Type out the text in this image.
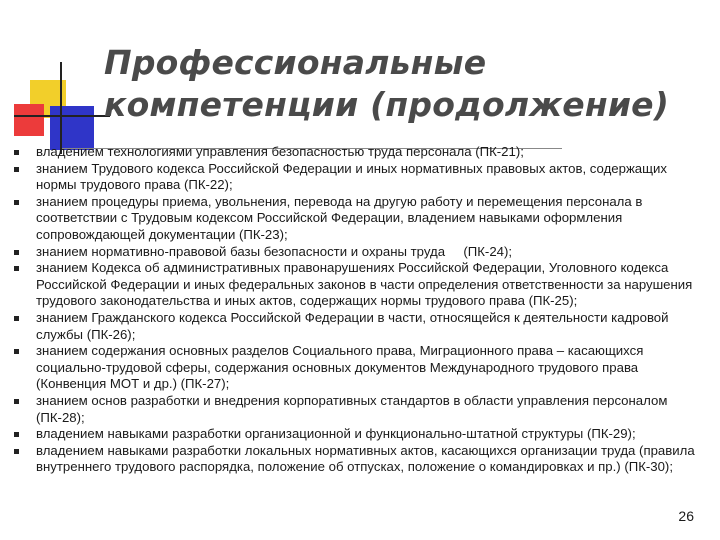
Профессиональные
компетенции (продолжение)
владением технологиями управления безопасностью труда персонала (ПК-21);
знанием Трудового кодекса Российской Федерации и иных нормативных правовых актов, содержащих нормы трудового права (ПК-22);
знанием процедуры приема, увольнения, перевода на другую работу и перемещения персонала в соответствии с Трудовым кодексом Российской Федерации, владением навыками оформления сопровождающей документации (ПК-23);
знанием нормативно-правовой базы безопасности и охраны труда     (ПК-24);
знанием Кодекса об административных правонарушениях Российской Федерации, Уголовного кодекса Российской Федерации и иных федеральных законов в части определения ответственности за нарушения трудового законодательства и иных актов, содержащих нормы трудового права (ПК-25);
знанием Гражданского кодекса Российской Федерации в части, относящейся к деятельности кадровой службы (ПК-26);
знанием содержания основных разделов Социального права, Миграционного права – касающихся социально-трудовой сферы, содержания основных документов Международного трудового права (Конвенция МОТ и др.) (ПК-27);
знанием основ разработки и внедрения корпоративных стандартов в области управления персоналом (ПК-28);
владением навыками разработки организационной и функционально-штатной структуры (ПК-29);
владением навыками разработки локальных нормативных актов, касающихся организации труда (правила внутреннего трудового распорядка, положение об отпусках, положение о командировках и пр.) (ПК-30);
26
